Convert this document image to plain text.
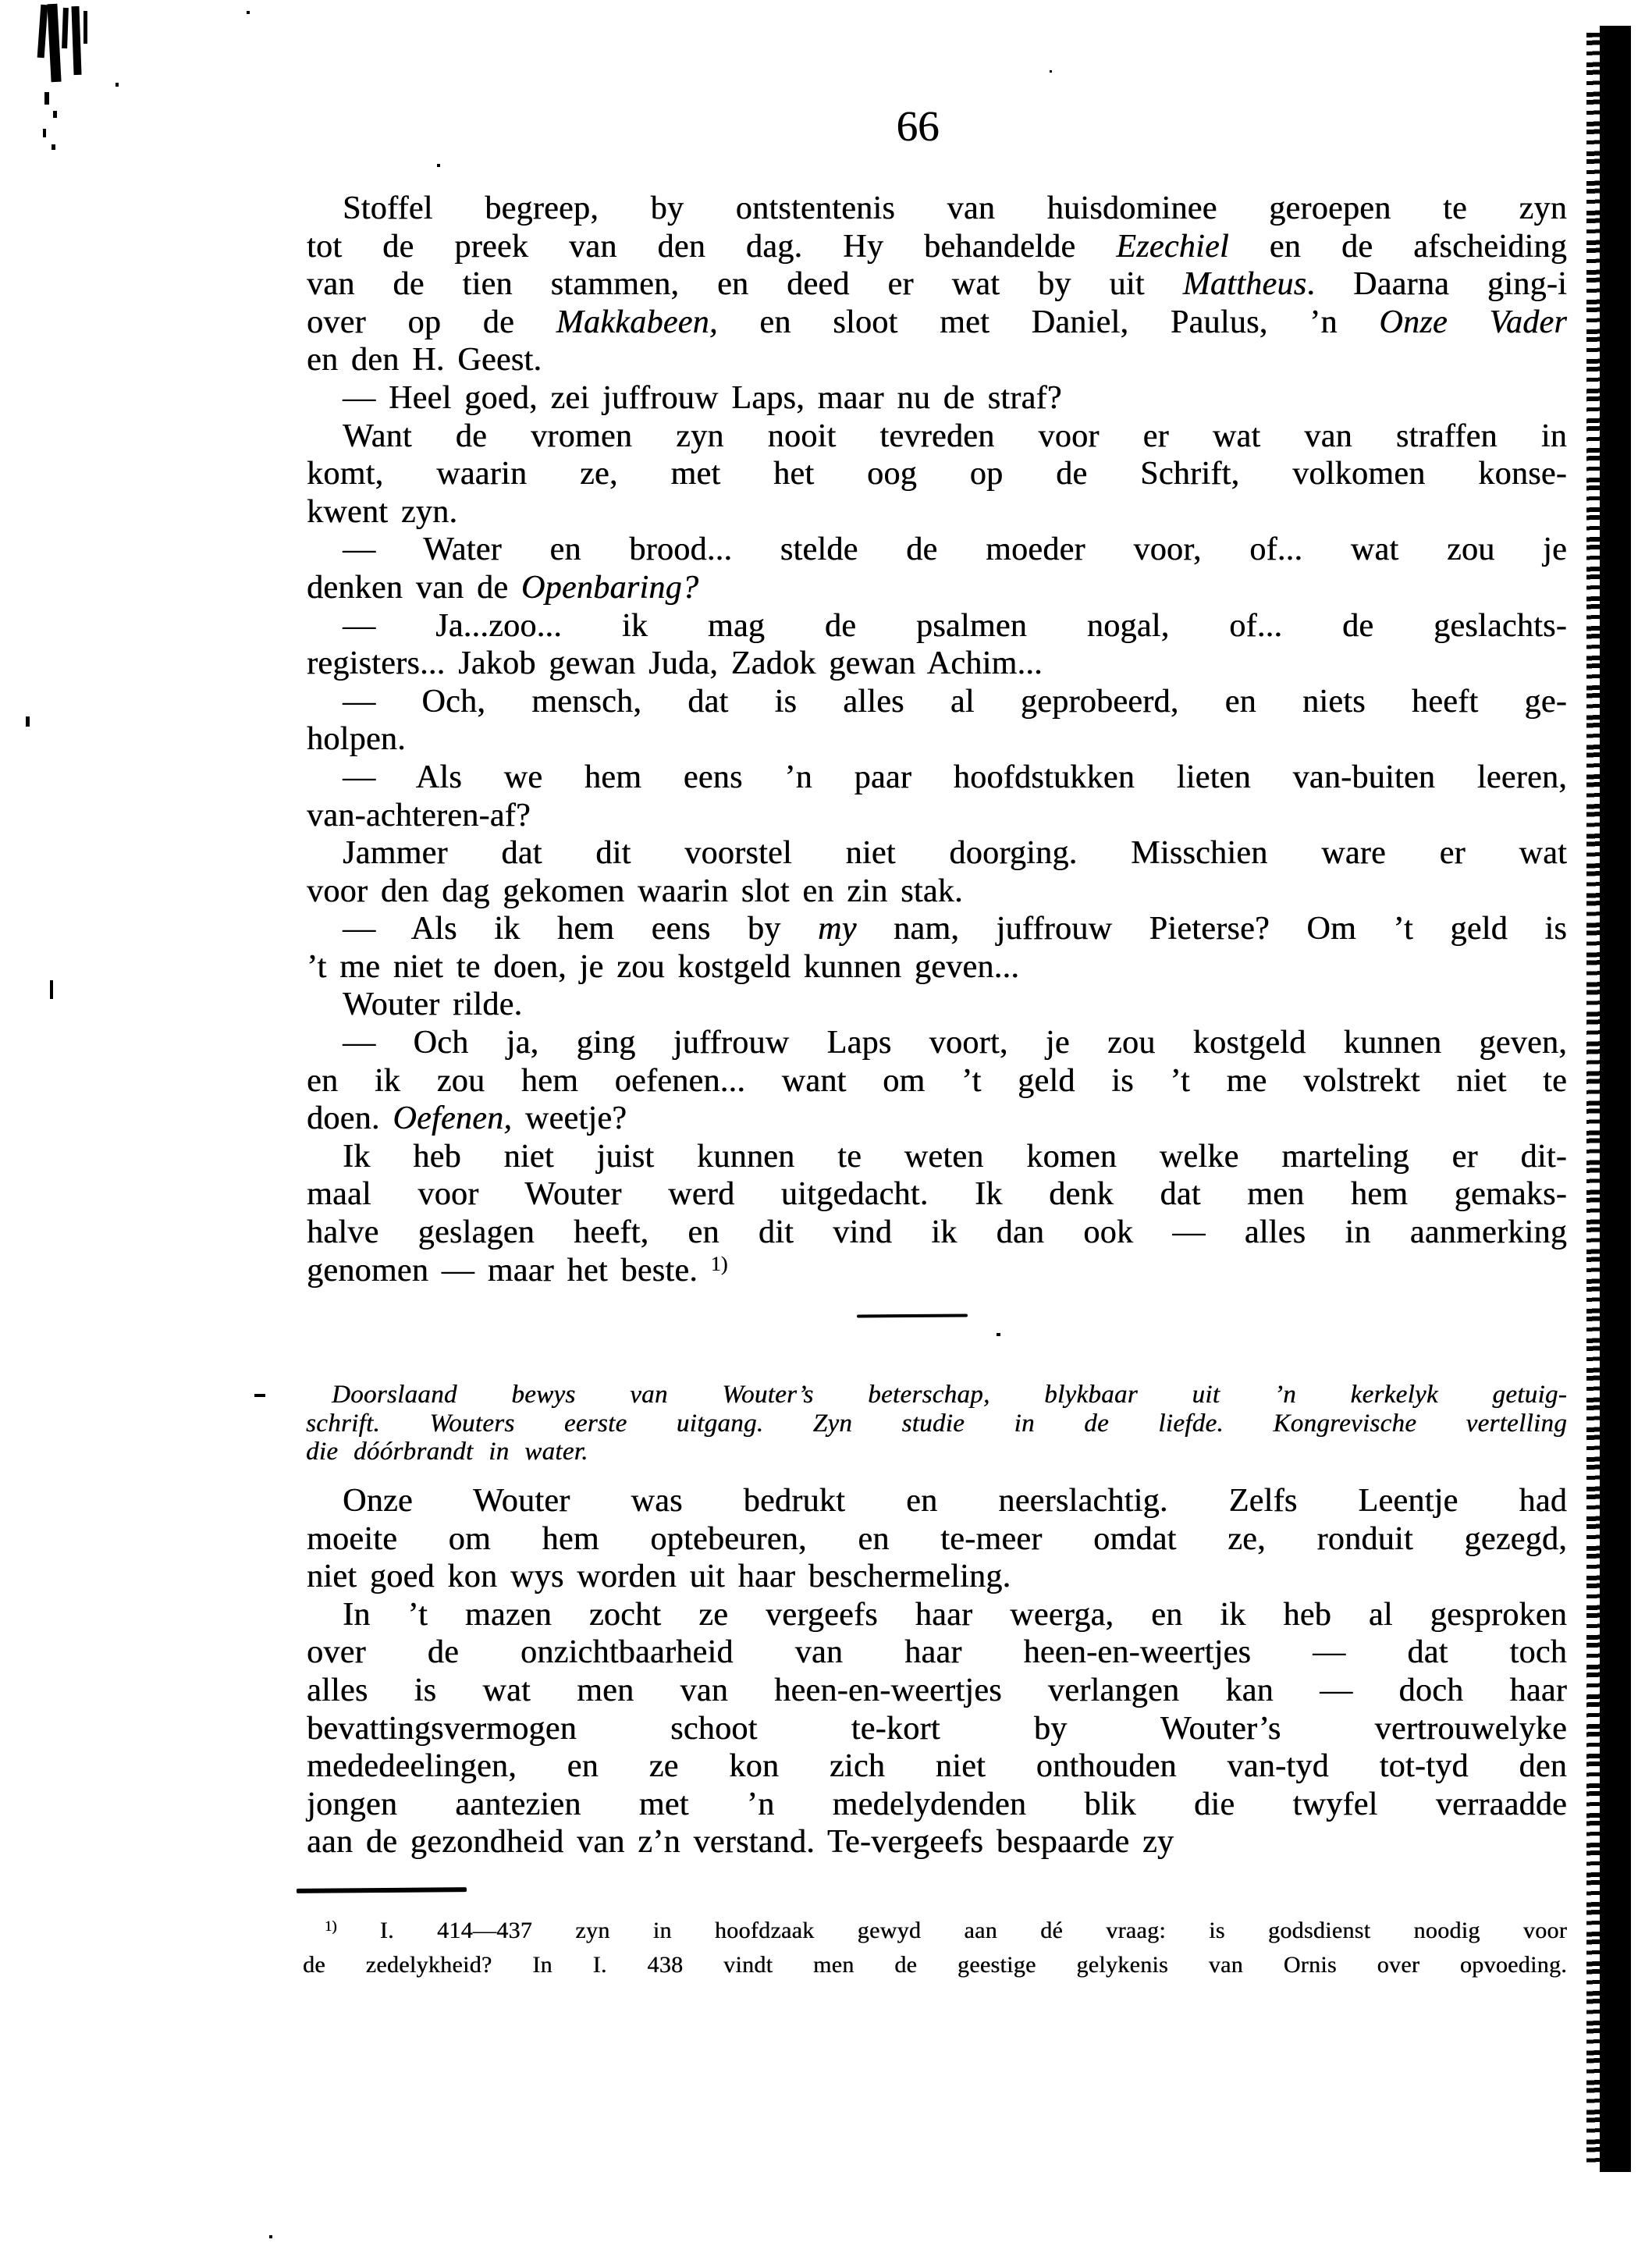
66
Stoffel begreep, by ontstentenis van huisdominee geroepen te zyn
tot de preek van den dag. Hy behandelde Ezechiel en de afscheiding
van de tien stammen, en deed er wat by uit Mattheus. Daarna ging-i
over op de Makkabeen, en sloot met Daniel, Paulus, ’n Onze Vader
en den H. Geest.
— Heel goed, zei juffrouw Laps, maar nu de straf?
Want de vromen zyn nooit tevreden voor er wat van straffen in
komt, waarin ze, met het oog op de Schrift, volkomen konse-
kwent zyn.
— Water en brood... stelde de moeder voor, of... wat zou je
denken van de Openbaring?
— Ja...zoo... ik mag de psalmen nogal, of... de geslachts-
registers... Jakob gewan Juda, Zadok gewan Achim...
— Och, mensch, dat is alles al geprobeerd, en niets heeft ge-
holpen.
— Als we hem eens ’n paar hoofdstukken lieten van-buiten leeren,
van-achteren-af?
Jammer dat dit voorstel niet doorging. Misschien ware er wat
voor den dag gekomen waarin slot en zin stak.
— Als ik hem eens by my nam, juffrouw Pieterse? Om ’t geld is
’t me niet te doen, je zou kostgeld kunnen geven...
Wouter rilde.
— Och ja, ging juffrouw Laps voort, je zou kostgeld kunnen geven,
en ik zou hem oefenen... want om ’t geld is ’t me volstrekt niet te
doen. Oefenen, weetje?
Ik heb niet juist kunnen te weten komen welke marteling er dit-
maal voor Wouter werd uitgedacht. Ik denk dat men hem gemaks-
halve geslagen heeft, en dit vind ik dan ook — alles in aanmerking
genomen — maar het beste. $^{1)}$
Doorslaand bewys van Wouter’s beterschap, blykbaar uit ’n kerkelyk getuig-
schrift. Wouters eerste uitgang. Zyn studie in de liefde. Kongrevische vertelling
die dóórbrandt in water.
Onze Wouter was bedrukt en neerslachtig. Zelfs Leentje had
moeite om hem optebeuren, en te-meer omdat ze, ronduit gezegd,
niet goed kon wys worden uit haar beschermeling.
In ’t mazen zocht ze vergeefs haar weerga, en ik heb al gesproken
over de onzichtbaarheid van haar heen-en-weertjes — dat toch
alles is wat men van heen-en-weertjes verlangen kan — doch haar
bevattingsvermogen schoot te-kort by Wouter’s vertrouwelyke
mededeelingen, en ze kon zich niet onthouden van-tyd tot-tyd den
jongen aantezien met ’n medelydenden blik die twyfel verraadde
aan de gezondheid van z’n verstand. Te-vergeefs bespaarde zy
$^{1)}$ I. 414—437 zyn in hoofdzaak gewyd aan dé vraag: is godsdienst noodig voor
de zedelykheid? In I. 438 vindt men de geestige gelykenis van Ornis over opvoeding.
